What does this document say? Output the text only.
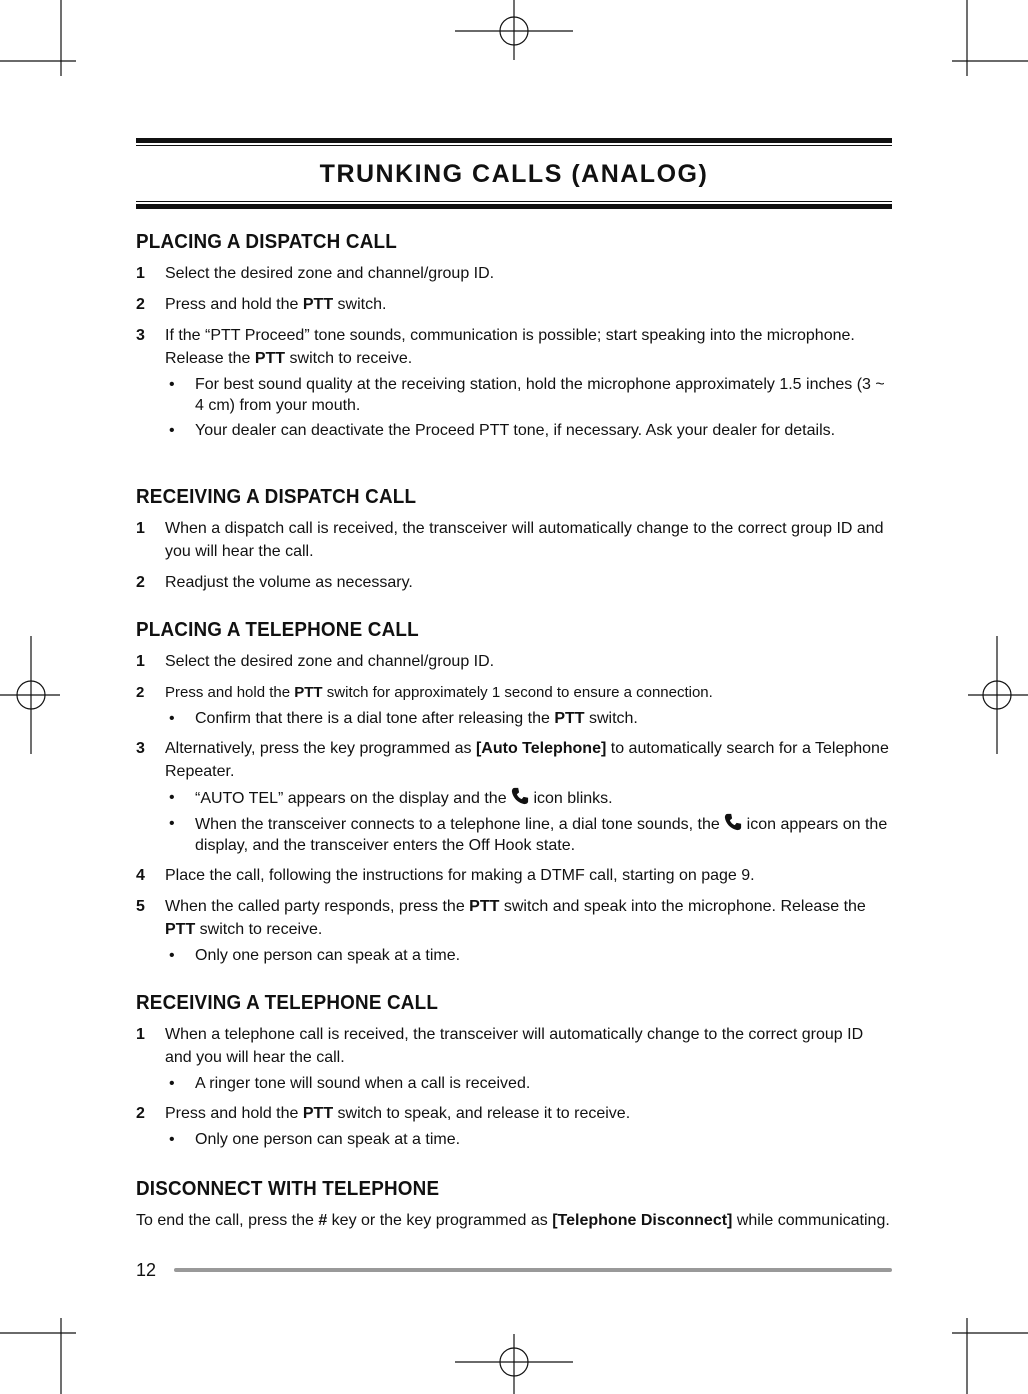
TRUNKING CALLS (ANALOG)
PLACING A DISPATCH CALL
1 Select the desired zone and channel/group ID.
2 Press and hold the PTT switch.
3 If the “PTT Proceed” tone sounds, communication is possible; start speaking into the microphone. Release the PTT switch to receive.
• For best sound quality at the receiving station, hold the microphone approximately 1.5 inches (3 ~ 4 cm) from your mouth.
• Your dealer can deactivate the Proceed PTT tone, if necessary. Ask your dealer for details.
RECEIVING A DISPATCH CALL
1 When a dispatch call is received, the transceiver will automatically change to the correct group ID and you will hear the call.
2 Readjust the volume as necessary.
PLACING A TELEPHONE CALL
1 Select the desired zone and channel/group ID.
2 Press and hold the PTT switch for approximately 1 second to ensure a connection.
• Confirm that there is a dial tone after releasing the PTT switch.
3 Alternatively, press the key programmed as [Auto Telephone] to automatically search for a Telephone Repeater.
• “AUTO TEL” appears on the display and the  icon blinks.
• When the transceiver connects to a telephone line, a dial tone sounds, the  icon appears on the display, and the transceiver enters the Off Hook state.
4 Place the call, following the instructions for making a DTMF call, starting on page 9.
5 When the called party responds, press the PTT switch and speak into the microphone. Release the PTT switch to receive.
• Only one person can speak at a time.
RECEIVING A TELEPHONE CALL
1 When a telephone call is received, the transceiver will automatically change to the correct group ID and you will hear the call.
• A ringer tone will sound when a call is received.
2 Press and hold the PTT switch to speak, and release it to receive.
• Only one person can speak at a time.
DISCONNECT WITH TELEPHONE
To end the call, press the # key or the key programmed as [Telephone Disconnect] while communicating.
12
